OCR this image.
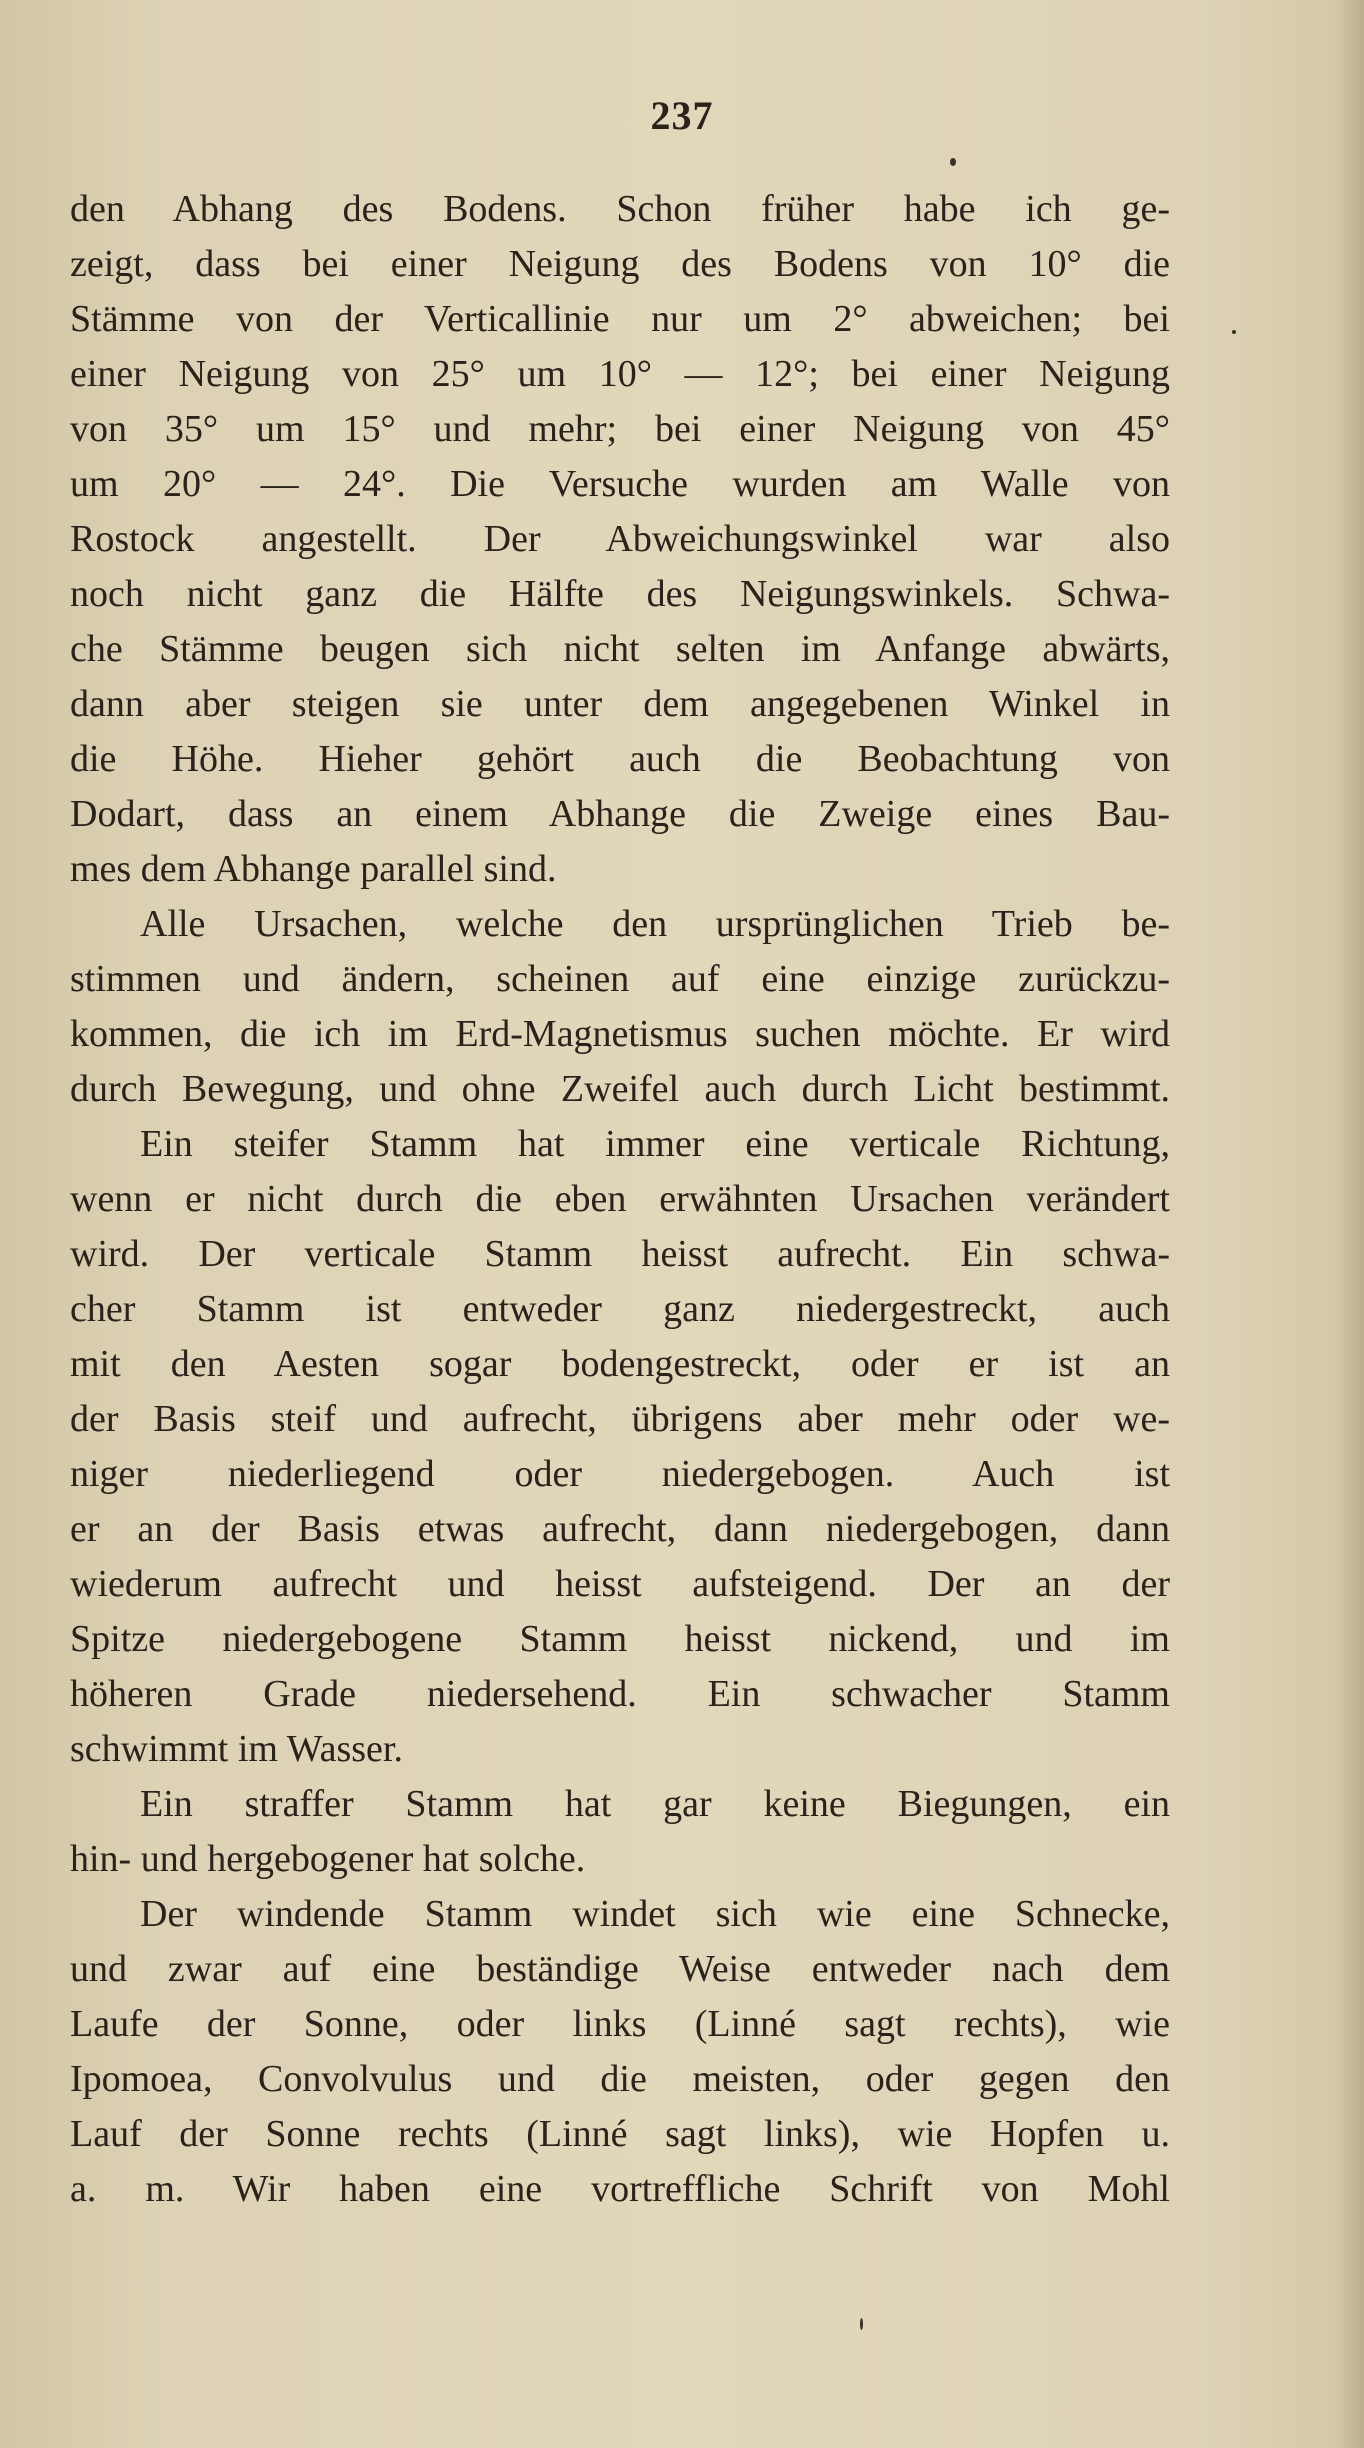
237
den Abhang des Bodens. Schon früher habe ich ge-
zeigt, dass bei einer Neigung des Bodens von 10° die
Stämme von der Verticallinie nur um 2° abweichen; bei
einer Neigung von 25° um 10° — 12°; bei einer Neigung
von 35° um 15° und mehr; bei einer Neigung von 45°
um 20° — 24°. Die Versuche wurden am Walle von
Rostock angestellt. Der Abweichungswinkel war also
noch nicht ganz die Hälfte des Neigungswinkels. Schwa-
che Stämme beugen sich nicht selten im Anfange abwärts,
dann aber steigen sie unter dem angegebenen Winkel in
die Höhe. Hieher gehört auch die Beobachtung von
Dodart, dass an einem Abhange die Zweige eines Bau-
mes dem Abhange parallel sind.
Alle Ursachen, welche den ursprünglichen Trieb be-
stimmen und ändern, scheinen auf eine einzige zurückzu-
kommen, die ich im Erd-Magnetismus suchen möchte. Er wird
durch Bewegung, und ohne Zweifel auch durch Licht bestimmt.
Ein steifer Stamm hat immer eine verticale Richtung,
wenn er nicht durch die eben erwähnten Ursachen verändert
wird. Der verticale Stamm heisst aufrecht. Ein schwa-
cher Stamm ist entweder ganz niedergestreckt, auch
mit den Aesten sogar bodengestreckt, oder er ist an
der Basis steif und aufrecht, übrigens aber mehr oder we-
niger niederliegend oder niedergebogen. Auch ist
er an der Basis etwas aufrecht, dann niedergebogen, dann
wiederum aufrecht und heisst aufsteigend. Der an der
Spitze niedergebogene Stamm heisst nickend, und im
höheren Grade niedersehend. Ein schwacher Stamm
schwimmt im Wasser.
Ein straffer Stamm hat gar keine Biegungen, ein
hin- und hergebogener hat solche.
Der windende Stamm windet sich wie eine Schnecke,
und zwar auf eine beständige Weise entweder nach dem
Laufe der Sonne, oder links (Linné sagt rechts), wie
Ipomoea, Convolvulus und die meisten, oder gegen den
Lauf der Sonne rechts (Linné sagt links), wie Hopfen u.
a. m. Wir haben eine vortreffliche Schrift von Mohl
